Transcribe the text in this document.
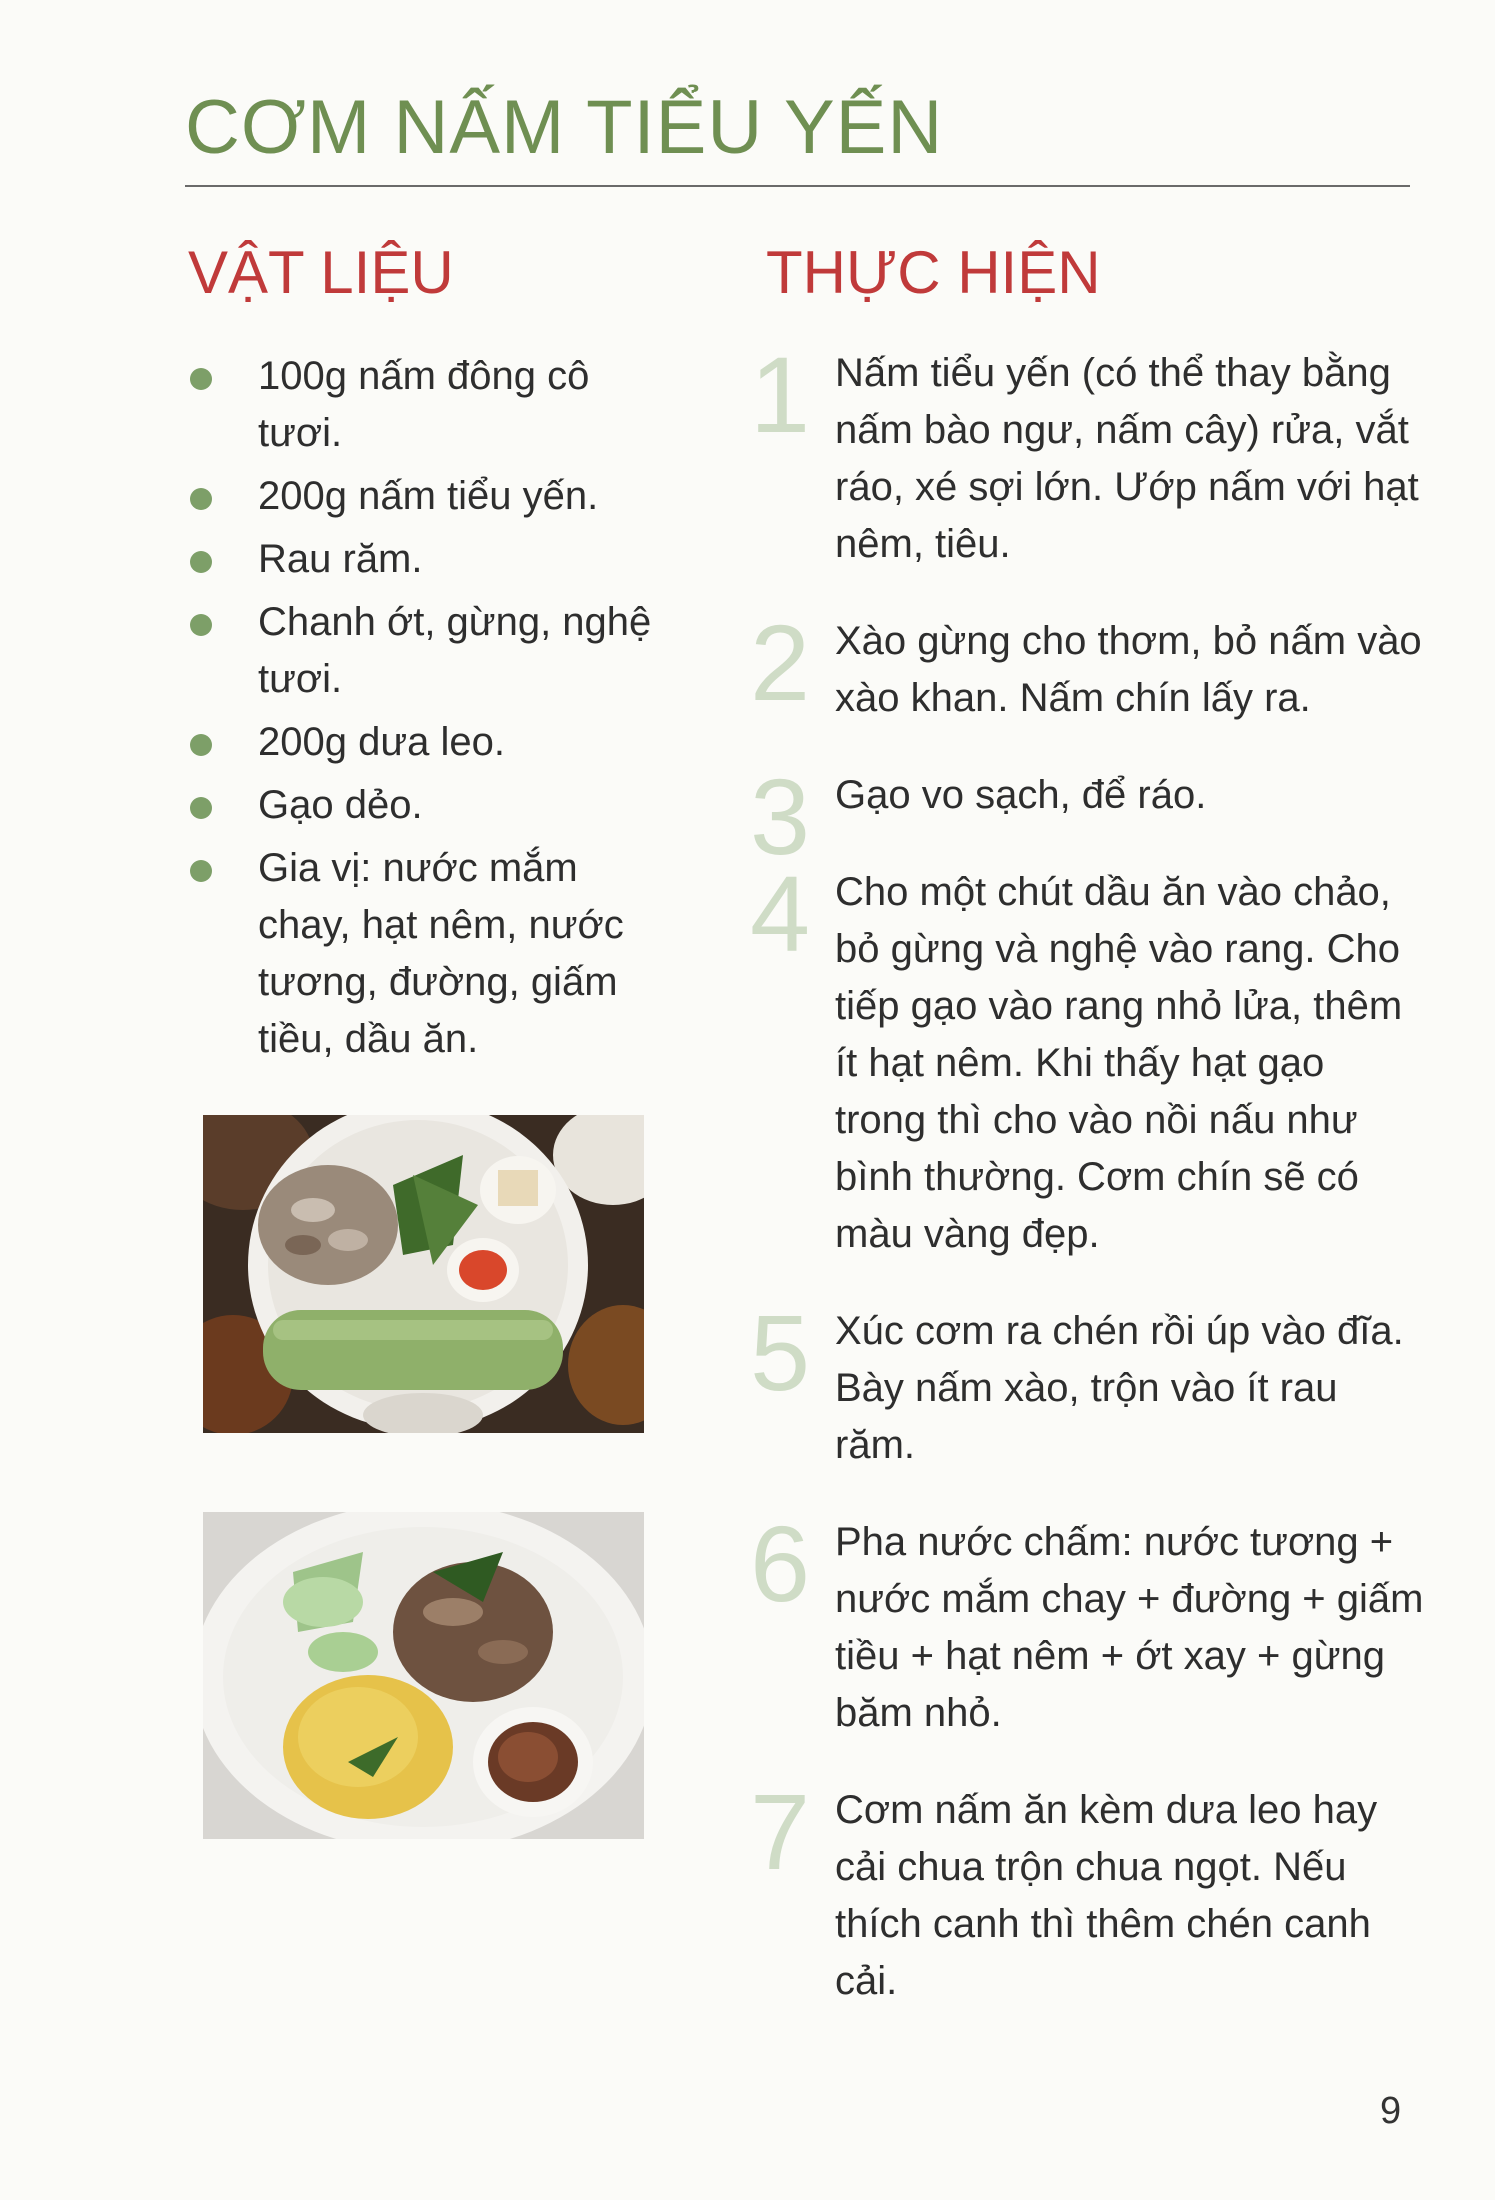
CƠM NẤM TIỂU YẾN
VẬT LIỆU	THỰC HIỆN
100g nấm đông cô tươi.
200g nấm tiểu yến.
Rau răm.
Chanh ớt, gừng, nghệ tươi.
200g dưa leo.
Gạo dẻo.
Gia vị: nước mắm chay, hạt nêm, nước tương, đường, giấm tiều, dầu ăn.
1 Nấm tiểu yến (có thể thay bằng nấm bào ngư, nấm cây) rửa, vắt ráo, xé sợi lớn. Ướp nấm với hạt nêm, tiêu.
2 Xào gừng cho thơm, bỏ nấm vào xào khan. Nấm chín lấy ra.
3 Gạo vo sạch, để ráo.
4 Cho một chút dầu ăn vào chảo, bỏ gừng và nghệ vào rang. Cho tiếp gạo vào rang nhỏ lửa, thêm ít hạt nêm. Khi thấy hạt gạo trong thì cho vào nồi nấu như bình thường. Cơm chín sẽ có màu vàng đẹp.
5 Xúc cơm ra chén rồi úp vào đĩa. Bày nấm xào, trộn vào ít rau răm.
6 Pha nước chấm: nước tương + nước mắm chay + đường + giấm tiều + hạt nêm + ớt xay + gừng băm nhỏ.
7 Cơm nấm ăn kèm dưa leo hay cải chua trộn chua ngọt. Nếu thích canh thì thêm chén canh cải.
9
